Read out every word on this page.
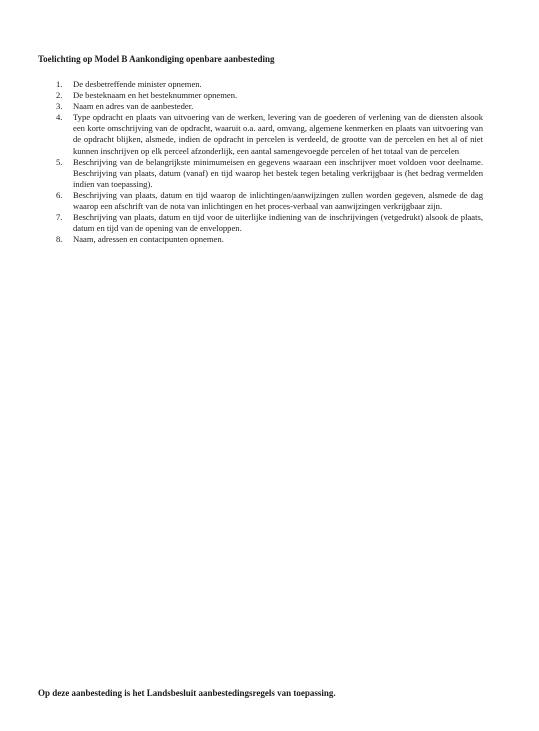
Toelichting op Model B Aankondiging openbare aanbesteding
1.	De desbetreffende minister opnemen.
2.	De besteknaam en het besteknummer opnemen.
3.	Naam en adres van de aanbesteder.
4.	Type opdracht en plaats van uitvoering van de werken, levering van de goederen of verlening van de diensten alsook een korte omschrijving van de opdracht, waaruit o.a. aard, omvang, algemene kenmerken en plaats van uitvoering van de opdracht blijken, alsmede, indien de opdracht in percelen is verdeeld, de grootte van de percelen en het al of niet kunnen inschrijven op elk perceel afzonderlijk, een aantal samengevoegde percelen of het totaal van de percelen
5.	Beschrijving van de belangrijkste minimumeisen en gegevens waaraan een inschrijver moet voldoen voor deelname. Beschrijving van plaats, datum (vanaf) en tijd waarop het bestek tegen betaling verkrijgbaar is (het bedrag vermelden indien van toepassing).
6.	Beschrijving van plaats, datum en tijd waarop de inlichtingen/aanwijzingen zullen worden gegeven, alsmede de dag waarop een afschrift van de nota van inlichtingen en het proces-verbaal van aanwijzingen verkrijgbaar zijn.
7.	Beschrijving van plaats, datum en tijd voor de uiterlijke indiening van de inschrijvingen (vetgedrukt) alsook de plaats, datum en tijd van de opening van de enveloppen.
8.	Naam, adressen en contactpunten opnemen.
Op deze aanbesteding is het Landsbesluit aanbestedingsregels van toepassing.
